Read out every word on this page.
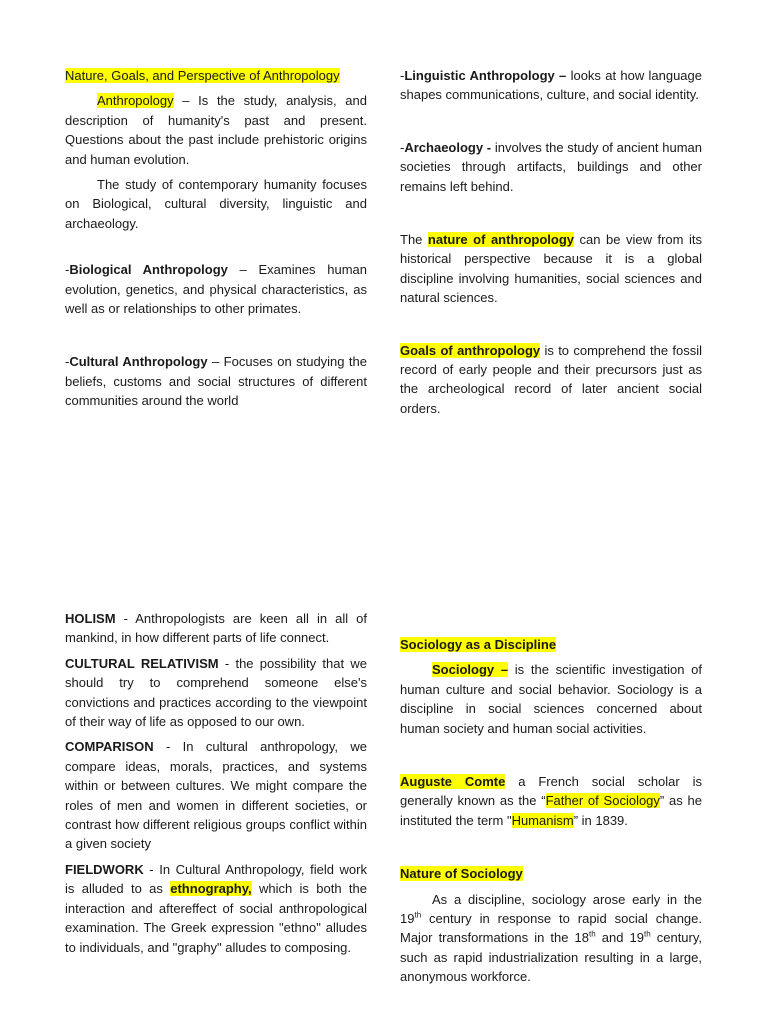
Nature, Goals, and Perspective of Anthropology

Anthropology – Is the study, analysis, and description of humanity's past and present. Questions about the past include prehistoric origins and human evolution.

The study of contemporary humanity focuses on Biological, cultural diversity, linguistic and archaeology.

-Biological Anthropology – Examines human evolution, genetics, and physical characteristics, as well as or relationships to other primates.

-Cultural Anthropology – Focuses on studying the beliefs, customs and social structures of different communities around the world

-Linguistic Anthropology – looks at how language shapes communications, culture, and social identity.

-Archaeology - involves the study of ancient human societies through artifacts, buildings and other remains left behind.

The nature of anthropology can be view from its historical perspective because it is a global discipline involving humanities, social sciences and natural sciences.

Goals of anthropology is to comprehend the fossil record of early people and their precursors just as the archeological record of later ancient social orders.

HOLISM - Anthropologists are keen all in all of mankind, in how different parts of life connect.

CULTURAL RELATIVISM - the possibility that we should try to comprehend someone else's convictions and practices according to the viewpoint of their way of life as opposed to our own.

COMPARISON - In cultural anthropology, we compare ideas, morals, practices, and systems within or between cultures. We might compare the roles of men and women in different societies, or contrast how different religious groups conflict within a given society

FIELDWORK - In Cultural Anthropology, field work is alluded to as ethnography, which is both the interaction and aftereffect of social anthropological examination. The Greek expression "ethno" alludes to individuals, and "graphy" alludes to composing.

Sociology as a Discipline

Sociology – is the scientific investigation of human culture and social behavior. Sociology is a discipline in social sciences concerned about human society and human social activities.

Auguste Comte a French social scholar is generally known as the “Father of Sociology” as he instituted the term "Humanism” in 1839.

Nature of Sociology

As a discipline, sociology arose early in the 19th century in response to rapid social change. Major transformations in the 18th and 19th century, such as rapid industrialization resulting in a large, anonymous workforce.
